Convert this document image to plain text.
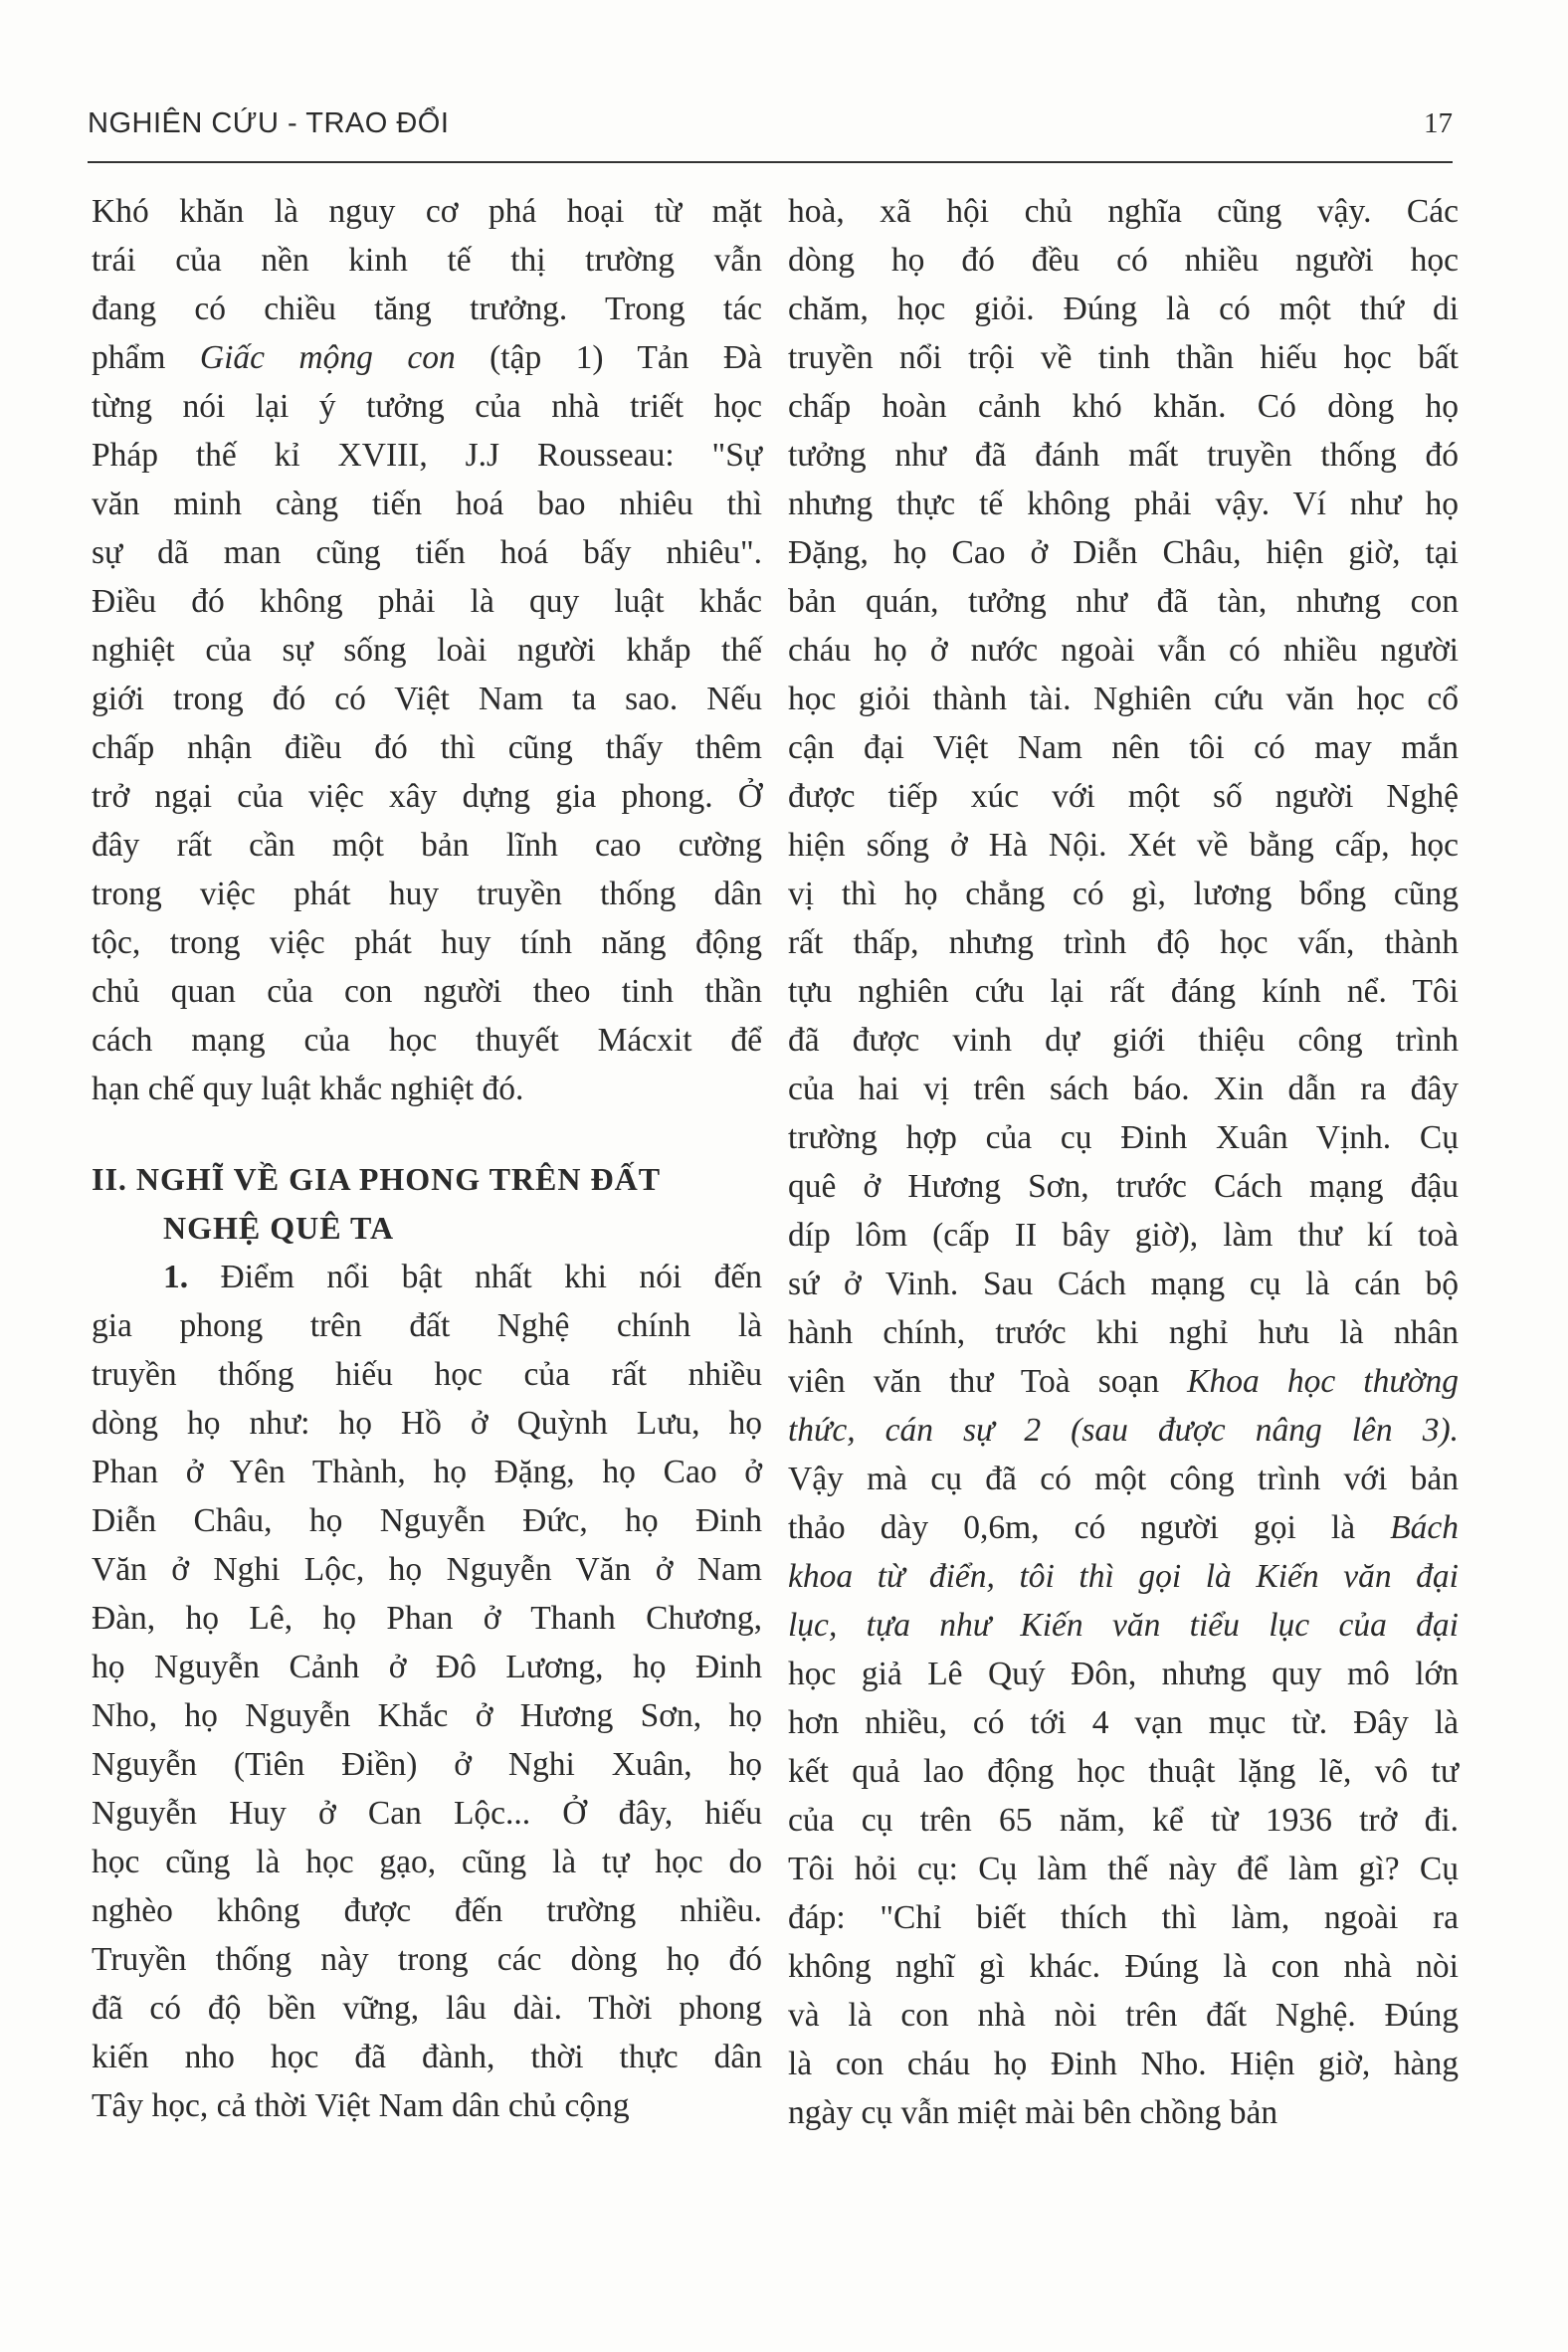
NGHIÊN CỨU - TRAO ĐỔI	17

Khó khăn là nguy cơ phá hoại từ mặt
trái của nền kinh tế thị trường vẫn
đang có chiều tăng trưởng. Trong tác
phẩm Giấc mộng con (tập 1) Tản Đà
từng nói lại ý tưởng của nhà triết học
Pháp thế kỉ XVIII, J.J Rousseau: "Sự
văn minh càng tiến hoá bao nhiêu thì
sự dã man cũng tiến hoá bấy nhiêu".
Điều đó không phải là quy luật khắc
nghiệt của sự sống loài người khắp thế
giới trong đó có Việt Nam ta sao. Nếu
chấp nhận điều đó thì cũng thấy thêm
trở ngại của việc xây dựng gia phong. Ở
đây rất cần một bản lĩnh cao cường
trong việc phát huy truyền thống dân
tộc, trong việc phát huy tính năng động
chủ quan của con người theo tinh thần
cách mạng của học thuyết Mácxit để
hạn chế quy luật khắc nghiệt đó.

II. NGHĨ VỀ GIA PHONG TRÊN ĐẤT
NGHỆ QUÊ TA

1. Điểm nổi bật nhất khi nói đến
gia phong trên đất Nghệ chính là
truyền thống hiếu học của rất nhiều
dòng họ như: họ Hồ ở Quỳnh Lưu, họ
Phan ở Yên Thành, họ Đặng, họ Cao ở
Diễn Châu, họ Nguyễn Đức, họ Đinh
Văn ở Nghi Lộc, họ Nguyễn Văn ở Nam
Đàn, họ Lê, họ Phan ở Thanh Chương,
họ Nguyễn Cảnh ở Đô Lương, họ Đinh
Nho, họ Nguyễn Khắc ở Hương Sơn, họ
Nguyễn (Tiên Điền) ở Nghi Xuân, họ
Nguyễn Huy ở Can Lộc... Ở đây, hiếu
học cũng là học gạo, cũng là tự học do
nghèo không được đến trường nhiều.
Truyền thống này trong các dòng họ đó
đã có độ bền vững, lâu dài. Thời phong
kiến nho học đã đành, thời thực dân
Tây học, cả thời Việt Nam dân chủ cộng

hoà, xã hội chủ nghĩa cũng vậy. Các
dòng họ đó đều có nhiều người học
chăm, học giỏi. Đúng là có một thứ di
truyền nổi trội về tinh thần hiếu học bất
chấp hoàn cảnh khó khăn. Có dòng họ
tưởng như đã đánh mất truyền thống đó
nhưng thực tế không phải vậy. Ví như họ
Đặng, họ Cao ở Diễn Châu, hiện giờ, tại
bản quán, tưởng như đã tàn, nhưng con
cháu họ ở nước ngoài vẫn có nhiều người
học giỏi thành tài. Nghiên cứu văn học cổ
cận đại Việt Nam nên tôi có may mắn
được tiếp xúc với một số người Nghệ
hiện sống ở Hà Nội. Xét về bằng cấp, học
vị thì họ chẳng có gì, lương bổng cũng
rất thấp, nhưng trình độ học vấn, thành
tựu nghiên cứu lại rất đáng kính nể. Tôi
đã được vinh dự giới thiệu công trình
của hai vị trên sách báo. Xin dẫn ra đây
trường hợp của cụ Đinh Xuân Vịnh. Cụ
quê ở Hương Sơn, trước Cách mạng đậu
díp lôm (cấp II bây giờ), làm thư kí toà
sứ ở Vinh. Sau Cách mạng cụ là cán bộ
hành chính, trước khi nghỉ hưu là nhân
viên văn thư Toà soạn Khoa học thường
thức, cán sự 2 (sau được nâng lên 3).
Vậy mà cụ đã có một công trình với bản
thảo dày 0,6m, có người gọi là Bách
khoa từ điển, tôi thì gọi là Kiến văn đại
lục, tựa như Kiến văn tiểu lục của đại
học giả Lê Quý Đôn, nhưng quy mô lớn
hơn nhiều, có tới 4 vạn mục từ. Đây là
kết quả lao động học thuật lặng lẽ, vô tư
của cụ trên 65 năm, kể từ 1936 trở đi.
Tôi hỏi cụ: Cụ làm thế này để làm gì? Cụ
đáp: "Chỉ biết thích thì làm, ngoài ra
không nghĩ gì khác. Đúng là con nhà nòi
và là con nhà nòi trên đất Nghệ. Đúng
là con cháu họ Đinh Nho. Hiện giờ, hàng
ngày cụ vẫn miệt mài bên chồng bản
